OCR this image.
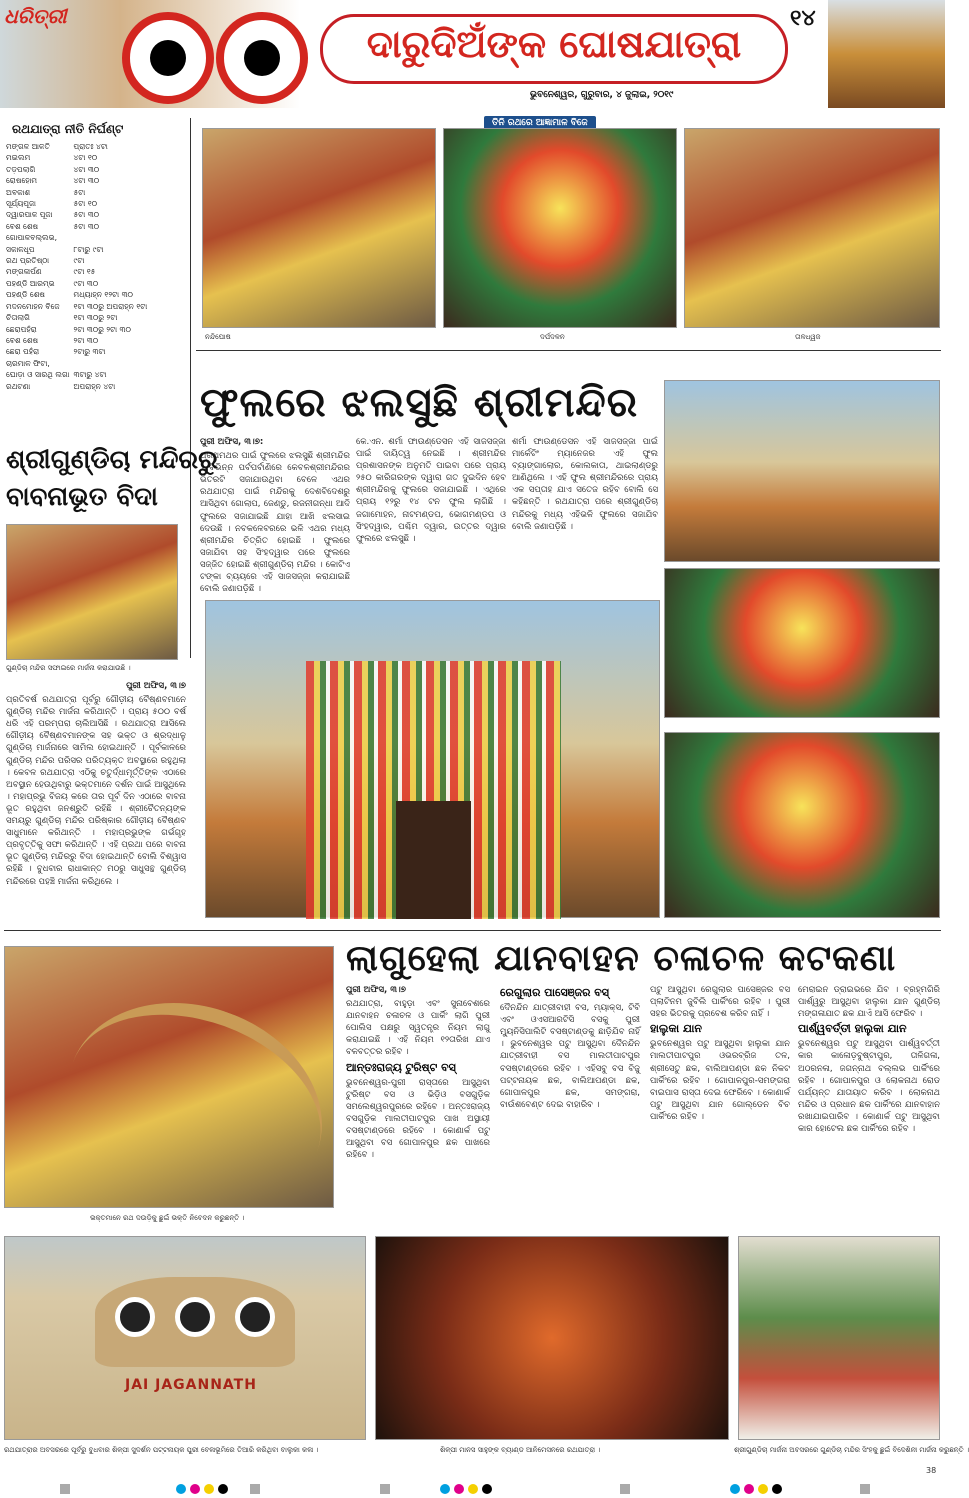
ଧରିତ୍ରୀ
ଦାରୁଦିଅଁଙ୍କ ଘୋଷଯାତ୍ରା
୧୪
ଭୁବନେଶ୍ୱର, ଗୁରୁବାର, ୪ ଜୁଲାଇ, ୨୦୧୯
ରଥଯାତ୍ରା ନୀତି ନିର୍ଘଣ୍ଟ
ମଙ୍ଗଳ ଆଳତି	ପ୍ରାତଃ ୪ଟା
ମଇଲମ	୪ଟା ୧୦
ତଡ଼ପଲାଗି	୪ଟା ୩୦
ରୋଷହୋମ	୪ଟା ୩୦
ଅବକାଶ	୫ଟା
ସୂର୍ଯ୍ୟପୂଜା	୫ଟା ୧୦
ଦ୍ୱାରପାଳ ପୂଜା	୫ଟା ୩୦
ବେଶ ଶେଷ	୫ଟା ୩୦
ଗୋପାଳବଲ୍ଲଭ,	
ସକାଳଧୂପ	୮ଟାରୁ ୯ଟା
ରଥ ପ୍ରତିଷ୍ଠା	୯ଟା
ମଙ୍ଗଳାର୍ପଣ	୯ଟା ୧୫
ପହଣ୍ଡି ଆରମ୍ଭ	୯ଟା ୩୦
ପହଣ୍ଡି ଶେଷ	ମଧ୍ୟାହ୍ନ ୧୨ଟା ୩୦
ମଦନମୋହନ ବିଜେ	୧ଟା ୩୦ରୁ ଅପରାହ୍ନ ୧ଟା
ଚିତାଲାଗି	୧ଟା ୩୦ରୁ ୨ଟା
ଛେରାପହଁରା	୨ଟା ୩୦ରୁ ୨ଟା ୩୦
ବେଶ ଶେଷ	୨ଟା ୩୦
ଛେରା ପହଁରା	୨ଟାରୁ ୩ଟା
ଚାରମାଳ ଫିଟା,	
ଘୋଡ଼ା ଓ ସାରଥି ଲଗା	୩ଟାରୁ ୪ଟା
ରଥଟଣା	ଅପରାହ୍ନ ୪ଟା
ତିନି ରଥରେ ଆଜ୍ଞାମାଳ ବିଜେ
ନନ୍ଦିଘୋଷ	ଦର୍ପଦଳନ	ତାଳଧ୍ୱଜ
ଫୁଲରେ ଝଲସୁଛି ଶ୍ରୀମନ୍ଦିର

ପୁରୀ ଅଫିସ, ୩।୭:

ପ୍ରଥମଥର ପାଇଁ ଫୁଲରେ ଝଲସୁଛି ଶ୍ରୀମନ୍ଦିର । ବିଭିନ୍ନ ପର୍ବପର୍ବାଣିରେ କେବଳଶ୍ରୀମନ୍ଦିରର ଭିତରଟି ସଜାଯାଉଥିବା ବେଳେ ଏଥର ରଥଯାତ୍ରା ପାଇଁ ମନ୍ଦିରକୁ ଦେଶବିଦେଶରୁ ଆସିଥିବା ଗୋଲାପ, ଜେଣ୍ଡୁ, ରଜନୀଗନ୍ଧା ଆଦି ଫୁଲରେ ସଜାଯାଇଛି ଯାହା ଆଖି ଝଲସାଇ ଦେଉଛି । ନବକଳେବରରେ ଭଳି ଏଥର ମଧ୍ୟ ଶ୍ରୀମନ୍ଦିର ଚିତ୍ରିତ ହୋଇଛି । ଫୁଲରେ ସଜାଯିବା ସହ ସିଂହଦ୍ୱାର ପରେ ଫୁଲରେ ସଜ୍ଜିତ ହୋଇଛି ଶ୍ରୀଗୁଣ୍ଡିଚା ମନ୍ଦିର । କୋଟିଏ ଟଙ୍କା ବ୍ୟୟରେ ଏହି ସାଜସଜ୍ଜା କରାଯାଇଛି ବୋଲି ଜଣାପଡ଼ିଛି ।

କେ.ଏନ. ଶର୍ମା ଫାଉଣ୍ଡେସନ ଏହି ସାଜସଜ୍ଜା ପାଇଁ ଦାୟିତ୍ୱ ନେଇଛି । ଶ୍ରୀମନ୍ଦିର ପ୍ରଶାସନଙ୍କ ଅନୁମତି ପାଇବା ପରେ ପ୍ରାୟ ୨୫୦ କାରିଗରଙ୍କ ଦ୍ୱାରା ଗତ ଦୁଇଦିନ ହେବ ଶ୍ରୀମନ୍ଦିରକୁ ଫୁଲରେ ସଜାଯାଇଛି । ଏଥିରେ ପ୍ରାୟ ୧୨ରୁ ୧୪ ଟନ ଫୁଲ ଲାଗିଛି । ଜଗାମୋହନ, ନାଟମଣ୍ଡପ, ଭୋଗମଣ୍ଡପ ଓ ସିଂହଦ୍ୱାର, ପଶ୍ଚିମ ଦ୍ୱାର, ଉତ୍ତର ଦ୍ୱାର ଫୁଲରେ ଝଲସୁଛି ।

ଶର୍ମା ଫାଉଣ୍ଡେସନ ଏହି ସାଜସଜ୍ଜା ପାଇଁ ମାର୍କେଟିଂ ମ୍ୟାନେଜର ଏହି ଫୁଲ ବ୍ୟାଙ୍ଗାଲୋର, କୋଲକାତା, ଥାଇଲାଣ୍ଡରୁ ଆଣିଥିଲେ । ଏହି ଫୁଲ ଶ୍ରୀମନ୍ଦିରରେ ପ୍ରାୟ ଏକ ସପ୍ତାହ ଯାଏ ସତେଜ ରହିବ ବୋଲି ସେ କହିଛନ୍ତି । ରଥଯାତ୍ରା ପରେ ଶ୍ରୀଗୁଣ୍ଡିଚା ମନ୍ଦିରକୁ ମଧ୍ୟ ଏହିଭଳି ଫୁଲରେ ସଜାଯିବ ବୋଲି ଜଣାପଡ଼ିଛି ।

ଶ୍ରୀଗୁଣ୍ଡିଚା ମନ୍ଦିରରୁ
ବାବନାଭୂତ ବିଦା
ଗୁଣ୍ଡିଚା ମନ୍ଦିର ସଫାଇରେ ମାର୍ଜନା କରାଯାଉଛି ।

ପୁରୀ ଅଫିସ, ୩।୭

ପ୍ରତିବର୍ଷ ରଥଯାତ୍ରା ପୂର୍ବରୁ ଗୌଡ଼ୀୟ ବୈଷ୍ଣବମାନେ ଗୁଣ୍ଡିଚା ମନ୍ଦିର ମାର୍ଜନା କରିଥାନ୍ତି । ପ୍ରାୟ ୫୦୦ ବର୍ଷ ଧରି ଏହି ପରମ୍ପରା ଚାଲିଆସିଛି । ରଥଯାତ୍ରା ଆସିଲେ ଗୌଡ଼ୀୟ ବୈଷ୍ଣବମାନଙ୍କ ସହ ଭକ୍ତ ଓ ଶ୍ରଦ୍ଧାଳୁ ଗୁଣ୍ଡିଚା ମାର୍ଜନାରେ ସାମିଲ ହୋଇଥାନ୍ତି । ପୂର୍ବକାଳରେ ଗୁଣ୍ଡିଚା ମନ୍ଦିର ପରିସର ପରିତ୍ୟକ୍ତ ଅବସ୍ଥାରେ ରହୁଥିଲା । କେବଳ ରଥଯାତ୍ରା ଏଠିକୁ ଚତୁର୍ଦ୍ଧାମୂର୍ତ୍ତିଙ୍କ ଏଠାରେ ଅବସ୍ଥାନ ହେଉଥିବାରୁ ଭକ୍ତମାନେ ଦର୍ଶନ ପାଇଁ ଆସୁଥିଲେ । ମହାପ୍ରଭୁ ବିଜୟ କରେ ତାର ପୂର୍ବ ଦିନ ଏଠାରେ ବାବନା ଭୂତ ରହୁଥିବା ଜନଶ୍ରୁତି ରହିଛି । ଶ୍ରୀଚୈତନ୍ୟଙ୍କ ସମୟରୁ ଗୁଣ୍ଡିଚା ମନ୍ଦିର ପରିଷ୍କାର ଗୌଡ଼ୀୟ ବୈଷ୍ଣବ ସାଧୁମାନେ କରିଥାନ୍ତି । ମହାପ୍ରଭୁଙ୍କ ଗର୍ଭଗୃହ ପ୍ରବୃତ୍ତିକୁ ସଫା କରିଥାନ୍ତି । ଏହି ପ୍ରଥା ପରେ ବାବନା ଭୂତ ଗୁଣ୍ଡିଚା ମନ୍ଦିରରୁ ବିଦା ହୋଇଥାନ୍ତି ବୋଲି ବିଶ୍ୱାସ ରହିଛି । ବୁଧବାର ରାଧାକାନ୍ତ ମଠରୁ ସାଧୁସନ୍ଥ ଗୁଣ୍ଡିଚା ମନ୍ଦିରରେ ପହଞ୍ଚି ମାର୍ଜନା କରିଥିଲେ ।

ଭକ୍ତମାନେ ରଥ ଦଉଡ଼ିକୁ ଛୁଇଁ ଭକ୍ତି ନିବେଦନ କରୁଛନ୍ତି ।
ଲାଗୁହେଲା ଯାନବାହନ ଚଳାଚଳ କଟକଣା

ପୁରୀ ଅଫିସ, ୩।୭

ରଥଯାତ୍ରା, ବାହୁଡ଼ା ଏବଂ ସୁନାବେଶରେ ଯାନବାହନ ଚଳାଚଳ ଓ ପାର୍କିଂ ଲାଗି ପୁରୀ ପୋଲିସ ପକ୍ଷରୁ ସ୍ୱତନ୍ତ୍ର ନିୟମ ଲାଗୁ କରାଯାଇଛି । ଏହି ନିୟମ ୧୨ତାରିଖ ଯାଏ ବଳବତ୍ତର ରହିବ ।

ଆନ୍ତଃରାଜ୍ୟ ଟୁରିଷ୍ଟ ବସ୍

ଭୁବନେଶ୍ୱର-ପୁରୀ ରାସ୍ତାରେ ଆସୁଥିବା ଟୁରିଷ୍ଟ ବସ ଓ ଭିଡ଼ିଓ ବସଗୁଡ଼ିକ ସମଲେଶ୍ୱରପୁରରେ ରହିବେ । ଅନ୍ତଃରାଜ୍ୟ ବସଗୁଡ଼ିକ ମାଲତୀପାଟପୁର ପାଖ ଅସ୍ଥାୟୀ ବସଷ୍ଟାଣ୍ଡରେ ରହିବେ । କୋଣାର୍କ ପଟୁ ଆସୁଥିବା ବସ ଗୋପାଳପୁର ଛକ ପାଖରେ ରହିବେ ।

ରେଗୁଲାର ପାସେଞ୍ଜର ବସ୍

ଦୈନନ୍ଦିନ ଯାତ୍ରୀବାହୀ ବସ, ମ୍ୟାକ୍ସ, ଟିବି ଏବଂ ଓଏସଆରଟିସି ବସକୁ ପୁରୀ ମ୍ୟୁନିସିପାଲିଟି ବସଷ୍ଟାଣ୍ଡକୁ ଛାଡ଼ିଯିବ ନାହିଁ । ଭୁବନେଶ୍ୱର ପଟୁ ଆସୁଥିବା ଦୈନନ୍ଦିନ ଯାତ୍ରୀବାହୀ ବସ ମାଲତୀପାଟପୁର ବସଷ୍ଟାଣ୍ଡରେ ରହିବ । ଏହିସବୁ ବସ ବିଜୁ ପଟ୍ଟନାୟକ ଛକ, ବାଲିଆପଣ୍ଡା ଛକ, ଗୋପାଳପୁର ଛକ, ସମଙ୍ଗରା, ବାଉଁଶବେଣ୍ଟ ଦେଇ ବାହାରିବ ।

ପଟୁ ଆସୁଥିବା ରେଗୁଲାର ପାସେଞ୍ଜର ବସ ପ୍ଲାଟିନମ ଜୁବିଲି ପାର୍କିଂରେ ରହିବ । ପୁରୀ ସହର ଭିତରକୁ ପ୍ରବେଶ କରିବ ନାହିଁ ।

ହାଲୁକା ଯାନ

ଭୁବନେଶ୍ୱର ପଟୁ ଆସୁଥିବା ହାଲୁକା ଯାନ ମାଲତୀପାଟପୁର ଓଭରବ୍ରିଜ ତଳ, ଶ୍ରୀସେତୁ ଛକ, ବାଲିଆପଣ୍ଡା ଛକ ନିକଟ ପାର୍କିଂରେ ରହିବ । ଗୋପାଳପୁର-ସମଙ୍ଗରା ବାଇପାସ ରାସ୍ତା ଦେଇ ଫେରିବେ । କୋଣାର୍କ ପଟୁ ଆସୁଥିବା ଯାନ ଗୋଲ୍ଡେନ ବିଚ ପାର୍କିଂରେ ରହିବ ।

ମେରାଇନ ଡ୍ରାଇଭରେ ଯିବ । ବ୍ରହ୍ମଗିରି ପାର୍ଶ୍ୱରୁ ଆସୁଥିବା ହାଲୁକା ଯାନ ଗୁଣ୍ଡିଚା ମଙ୍ଗଳାଯାତ ଛକ ଯାଏଁ ଆସି ଫେରିବ ।

ପାର୍ଶ୍ୱବର୍ତ୍ତୀ ହାଲୁକା ଯାନ

ଭୁବନେଶ୍ୱର ପଟୁ ଆସୁଥିବା ପାର୍ଶ୍ୱବର୍ତ୍ତୀ କାର କାଳୋଡ଼ବୁଷ୍ଟାପୁର, ତାଳିଗଳା, ଅଠରନଳା, ଜଗନ୍ନାଥ ବଲ୍ଲଭ ପାର୍କିଂରେ ରହିବ । ଗୋପାଳପୁର ଓ ଲୋକନାଥ ରୋଡ ପର୍ଯ୍ୟନ୍ତ ଯାତାୟାତ କରିବ । ଲୋକନାଥ ମନ୍ଦିର ଓ ପ୍ରଧାନ ଛକ ପାର୍କିଂରେ ଯାନବାହାନ ରଖାଯାଇପାରିବ । କୋଣାର୍କ ପଟୁ ଆସୁଥିବା କାର ହୋଟେଲ ଛକ ପାର୍କିଂରେ ରହିବ ।

JAI JAGANNATH
ରଥଯାତ୍ରାର ଅବସରରେ ପୂର୍ବରୁ ବୁଧବାର ଶିଳ୍ପୀ ସୁଦର୍ଶନ ପଟ୍ଟନାୟକ ପୁରୀ ବେଳାଭୂମିରେ ତିଆରି କରିଥିବା ବାଲୁକା କଳା ।	ଶିଳ୍ପୀ ମାନସ ସାହୁଙ୍କ ବ୍ୟାଣ୍ଡ ଆନିମେସନରେ ରଥଯାତ୍ରା ।	ଶ୍ରୀଗୁଣ୍ଡିଚା ମାର୍ଜନା ଅବସରରେ ଗୁଣ୍ଡିଚା ମନ୍ଦିର ସିଂହକୁ ଛୁଇଁ ବିଦେଶିନୀ ମାର୍ଜନା କରୁଛନ୍ତି ।
38
